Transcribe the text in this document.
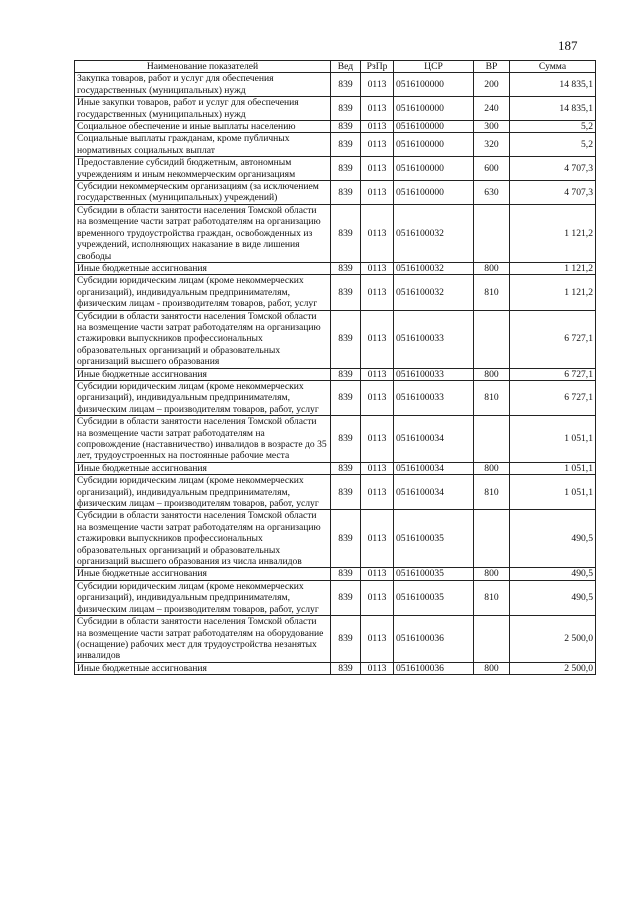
187
Наименование показателей	Вед	РзПр	ЦСР	ВР	Сумма
Закупка товаров, работ и услуг для обеспечения государственных (муниципальных) нужд	839	0113	0516100000	200	14 835,1
Иные закупки товаров, работ и услуг для обеспечения государственных (муниципальных) нужд	839	0113	0516100000	240	14 835,1
Социальное обеспечение и иные выплаты населению	839	0113	0516100000	300	5,2
Социальные выплаты гражданам, кроме публичных нормативных социальных выплат	839	0113	0516100000	320	5,2
Предоставление субсидий бюджетным, автономным учреждениям и иным некоммерческим организациям	839	0113	0516100000	600	4 707,3
Субсидии некоммерческим организациям (за исключением государственных (муниципальных) учреждений)	839	0113	0516100000	630	4 707,3
Субсидии в области занятости населения Томской области на возмещение части затрат работодателям на организацию временного трудоустройства граждан, освобожденных из учреждений, исполняющих наказание в виде лишения свободы	839	0113	0516100032		1 121,2
Иные бюджетные ассигнования	839	0113	0516100032	800	1 121,2
Субсидии юридическим лицам (кроме некоммерческих организаций), индивидуальным предпринимателям, физическим лицам - производителям товаров, работ, услуг	839	0113	0516100032	810	1 121,2
Субсидии в области занятости населения Томской области на возмещение части затрат работодателям на организацию стажировки выпускников профессиональных образовательных организаций и образовательных организаций высшего образования	839	0113	0516100033		6 727,1
Иные бюджетные ассигнования	839	0113	0516100033	800	6 727,1
Субсидии юридическим лицам (кроме некоммерческих организаций), индивидуальным предпринимателям, физическим лицам – производителям товаров, работ, услуг	839	0113	0516100033	810	6 727,1
Субсидии в области занятости населения Томской области на возмещение части затрат работодателям на сопровождение (наставничество) инвалидов в возрасте до 35 лет, трудоустроенных на постоянные рабочие места	839	0113	0516100034		1 051,1
Иные бюджетные ассигнования	839	0113	0516100034	800	1 051,1
Субсидии юридическим лицам (кроме некоммерческих организаций), индивидуальным предпринимателям, физическим лицам – производителям товаров, работ, услуг	839	0113	0516100034	810	1 051,1
Субсидии в области занятости населения Томской области на возмещение части затрат работодателям на организацию стажировки выпускников профессиональных образовательных организаций и образовательных организаций высшего образования из числа инвалидов	839	0113	0516100035		490,5
Иные бюджетные ассигнования	839	0113	0516100035	800	490,5
Субсидии юридическим лицам (кроме некоммерческих организаций), индивидуальным предпринимателям, физическим лицам – производителям товаров, работ, услуг	839	0113	0516100035	810	490,5
Субсидии в области занятости населения Томской области на возмещение части затрат работодателям на оборудование (оснащение) рабочих мест для трудоустройства незанятых инвалидов	839	0113	0516100036		2 500,0
Иные бюджетные ассигнования	839	0113	0516100036	800	2 500,0
